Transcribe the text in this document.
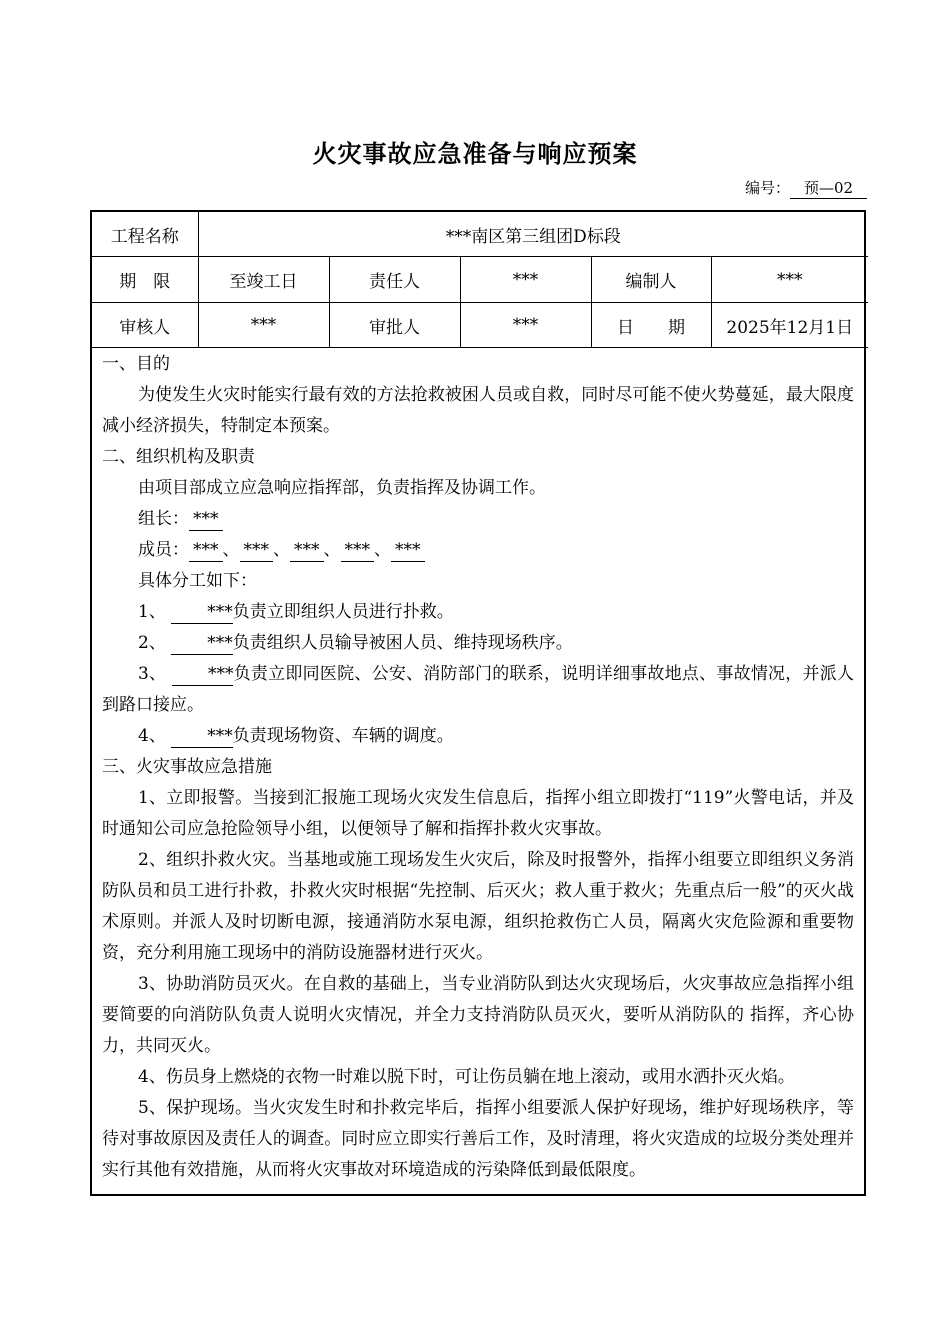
火灾事故应急准备与响应预案
编号： 预—02
工程名称	***南区第三组团D标段				
期　限	至竣工日	责任人	***	编制人	***
审核人	***	审批人	***	日　　期	2025年12月1日

一、目的

为使发生火灾时能实行最有效的方法抢救被困人员或自救，同时尽可能不使火势蔓延，最大限度减小经济损失，特制定本预案。

二、组织机构及职责

由项目部成立应急响应指挥部，负责指挥及协调工作。

组长： ***

成员： *** 、 *** 、 *** 、 *** 、 ***

具体分工如下：

1、 ***负责立即组织人员进行扑救。

2、 ***负责组织人员输导被困人员、维持现场秩序。

3、 ***负责立即同医院、公安、消防部门的联系，说明详细事故地点、事故情况，并派人到路口接应。

4、 ***负责现场物资、车辆的调度。

三、火灾事故应急措施

1、立即报警。当接到汇报施工现场火灾发生信息后，指挥小组立即拨打“119”火警电话，并及时通知公司应急抢险领导小组，以便领导了解和指挥扑救火灾事故。

2、组织扑救火灾。当基地或施工现场发生火灾后，除及时报警外，指挥小组要立即组织义务消防队员和员工进行扑救，扑救火灾时根据“先控制、后灭火；救人重于救火；先重点后一般”的灭火战术原则。并派人及时切断电源，接通消防水泵电源，组织抢救伤亡人员，隔离火灾危险源和重要物资，充分利用施工现场中的消防设施器材进行灭火。

3、协助消防员灭火。在自救的基础上，当专业消防队到达火灾现场后，火灾事故应急指挥小组要简要的向消防队负责人说明火灾情况，并全力支持消防队员灭火，要听从消防队的 指挥，齐心协力，共同灭火。

4、伤员身上燃烧的衣物一时难以脱下时，可让伤员躺在地上滚动，或用水洒扑灭火焰。

5、保护现场。当火灾发生时和扑救完毕后，指挥小组要派人保护好现场，维护好现场秩序，等待对事故原因及责任人的调查。同时应立即实行善后工作，及时清理，将火灾造成的垃圾分类处理并实行其他有效措施，从而将火灾事故对环境造成的污染降低到最低限度。
